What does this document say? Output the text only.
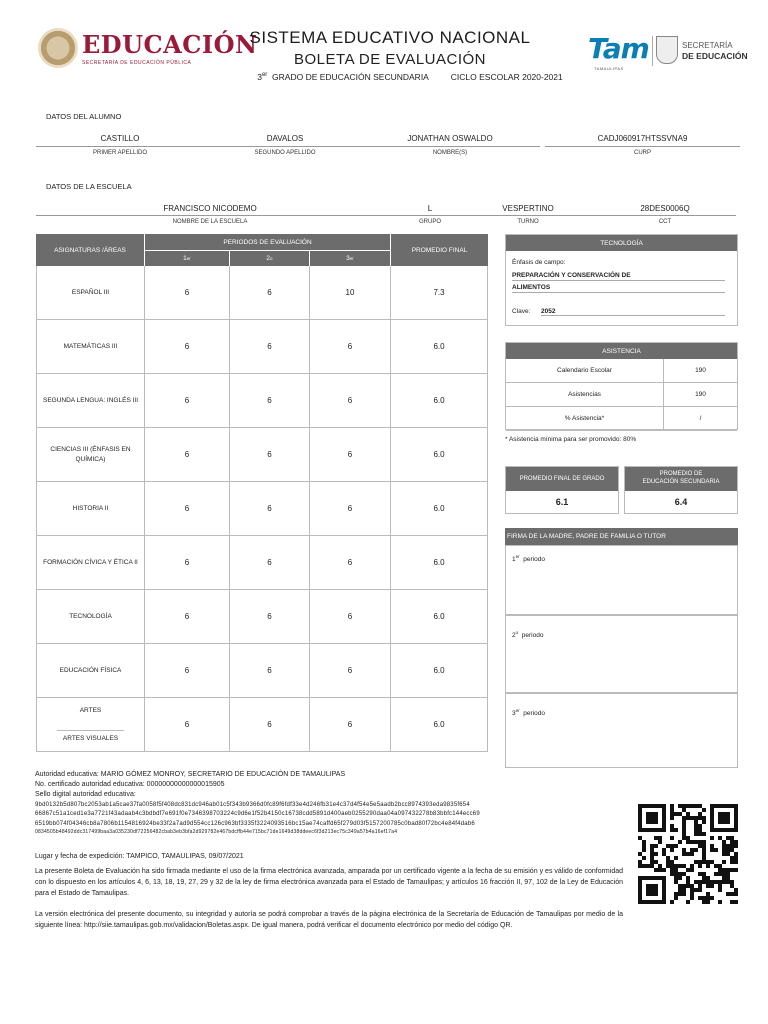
EDUCACIÓN
SECRETARÍA DE EDUCACIÓN PÚBLICA
SISTEMA EDUCATIVO NACIONAL
BOLETA DE EVALUACIÓN
3er GRADO DE EDUCACIÓN SECUNDARIA	CICLO ESCOLAR 2020-2021
Tam
TAMAULIPAS
SECRETARÍA
DE EDUCACIÓN
DATOS DEL ALUMNO
CASTILLO	DAVALOS	JONATHAN OSWALDO	CADJ060917HTSSVNA9
PRIMER APELLIDO	SEGUNDO APELLIDO	NOMBRE(S)	CURP
DATOS DE LA ESCUELA
FRANCISCO NICODEMO	L	VESPERTINO	28DES0006Q
NOMBRE DE LA ESCUELA	GRUPO	TURNO	CCT
ASIGNATURAS /ÁREAS
PERIODOS DE EVALUACIÓN
1 er	2 o	3 er
PROMEDIO FINAL
ESPAÑOL III	6	6	10	7.3
MATEMÁTICAS III	6	6	6	6.0
SEGUNDA LENGUA: INGLÉS III	6	6	6	6.0
CIENCIAS III (ÉNFASIS EN QUÍMICA)	6	6	6	6.0
HISTORIA II	6	6	6	6.0
FORMACIÓN CÍVICA Y ÉTICA II	6	6	6	6.0
TECNOLOGÍA	6	6	6	6.0
EDUCACIÓN FÍSICA	6	6	6	6.0
ARTES
ARTES VISUALES
6	6	6	6.0
TECNOLOGÍA
Énfasis de campo:
PREPARACIÓN Y CONSERVACIÓN DE
ALIMENTOS
Clave: 2052
ASISTENCIA
Calendario Escolar	190
Asistencias	190
% Asistencia*	/
* Asistencia mínima para ser promovido: 80%
PROMEDIO FINAL DE GRADO
6.1
PROMEDIO DE
EDUCACIÓN SECUNDARIA
6.4
FIRMA DE LA MADRE, PADRE DE FAMILIA O TUTOR
1er periodo
2$^o$ periodo
3er periodo
Autoridad educativa: MARIO GÓMEZ MONROY, SECRETARIO DE EDUCACIÓN DE TAMAULIPAS
No. certificado autoridad educativa: 00000000000000015905
Sello digital autoridad educativa:
9bd0132b5d807bc2053ab1a5cae37fa0058f5f408dc831dc946ab01c5f343b9366d0fc89f6fdf33e4d246fb31e4c37d4f54e5e5aadb2bcc8974393eda9835f654
66867c51a1ced1e3a7721f43adaab4c3bdbdf7e691f0e7346398703224c9d6e1f52b4150c16738cdd5891d400aeb0255290daa04a097432278b83bbfc144ecc69
6519bb074f04346cb8a7806b1154816924be33f2a7ad9d554cc126c963bf3335f3224093516bc15ae74caffd65f279d03f5157200785c0bad80f72bc4e84f4dab6
0834505b48492ddc317499baa3a035230df72256482cbab3eb3bfa2d929782e467bdcffb44e715bc71de1649d38ddeec6f3d213ec75c349a57b4a16ef17a4
Lugar y fecha de expedición: TAMPICO, TAMAULIPAS, 09/07/2021
La presente Boleta de Evaluación ha sido firmada mediante el uso de la firma electrónica avanzada, amparada por un certificado vigente a la fecha de su emisión y es válido de conformidad con lo dispuesto en los artículos 4, 6, 13, 18, 19, 27, 29 y 32 de la ley de firma electrónica avanzada para el Estado de Tamaulipas; y artículos 16 fracción II, 97, 102 de la Ley de Educación para el Estado de Tamaulipas.
La versión electrónica del presente documento, su integridad y autoría se podrá comprobar a través de la página electrónica de la Secretaría de Educación de Tamaulipas por medio de la siguiente línea: http://siie.tamaulipas.gob.mx/validacion/Boletas.aspx. De igual manera, podrá verificar el documento electrónico por medio del código QR.
